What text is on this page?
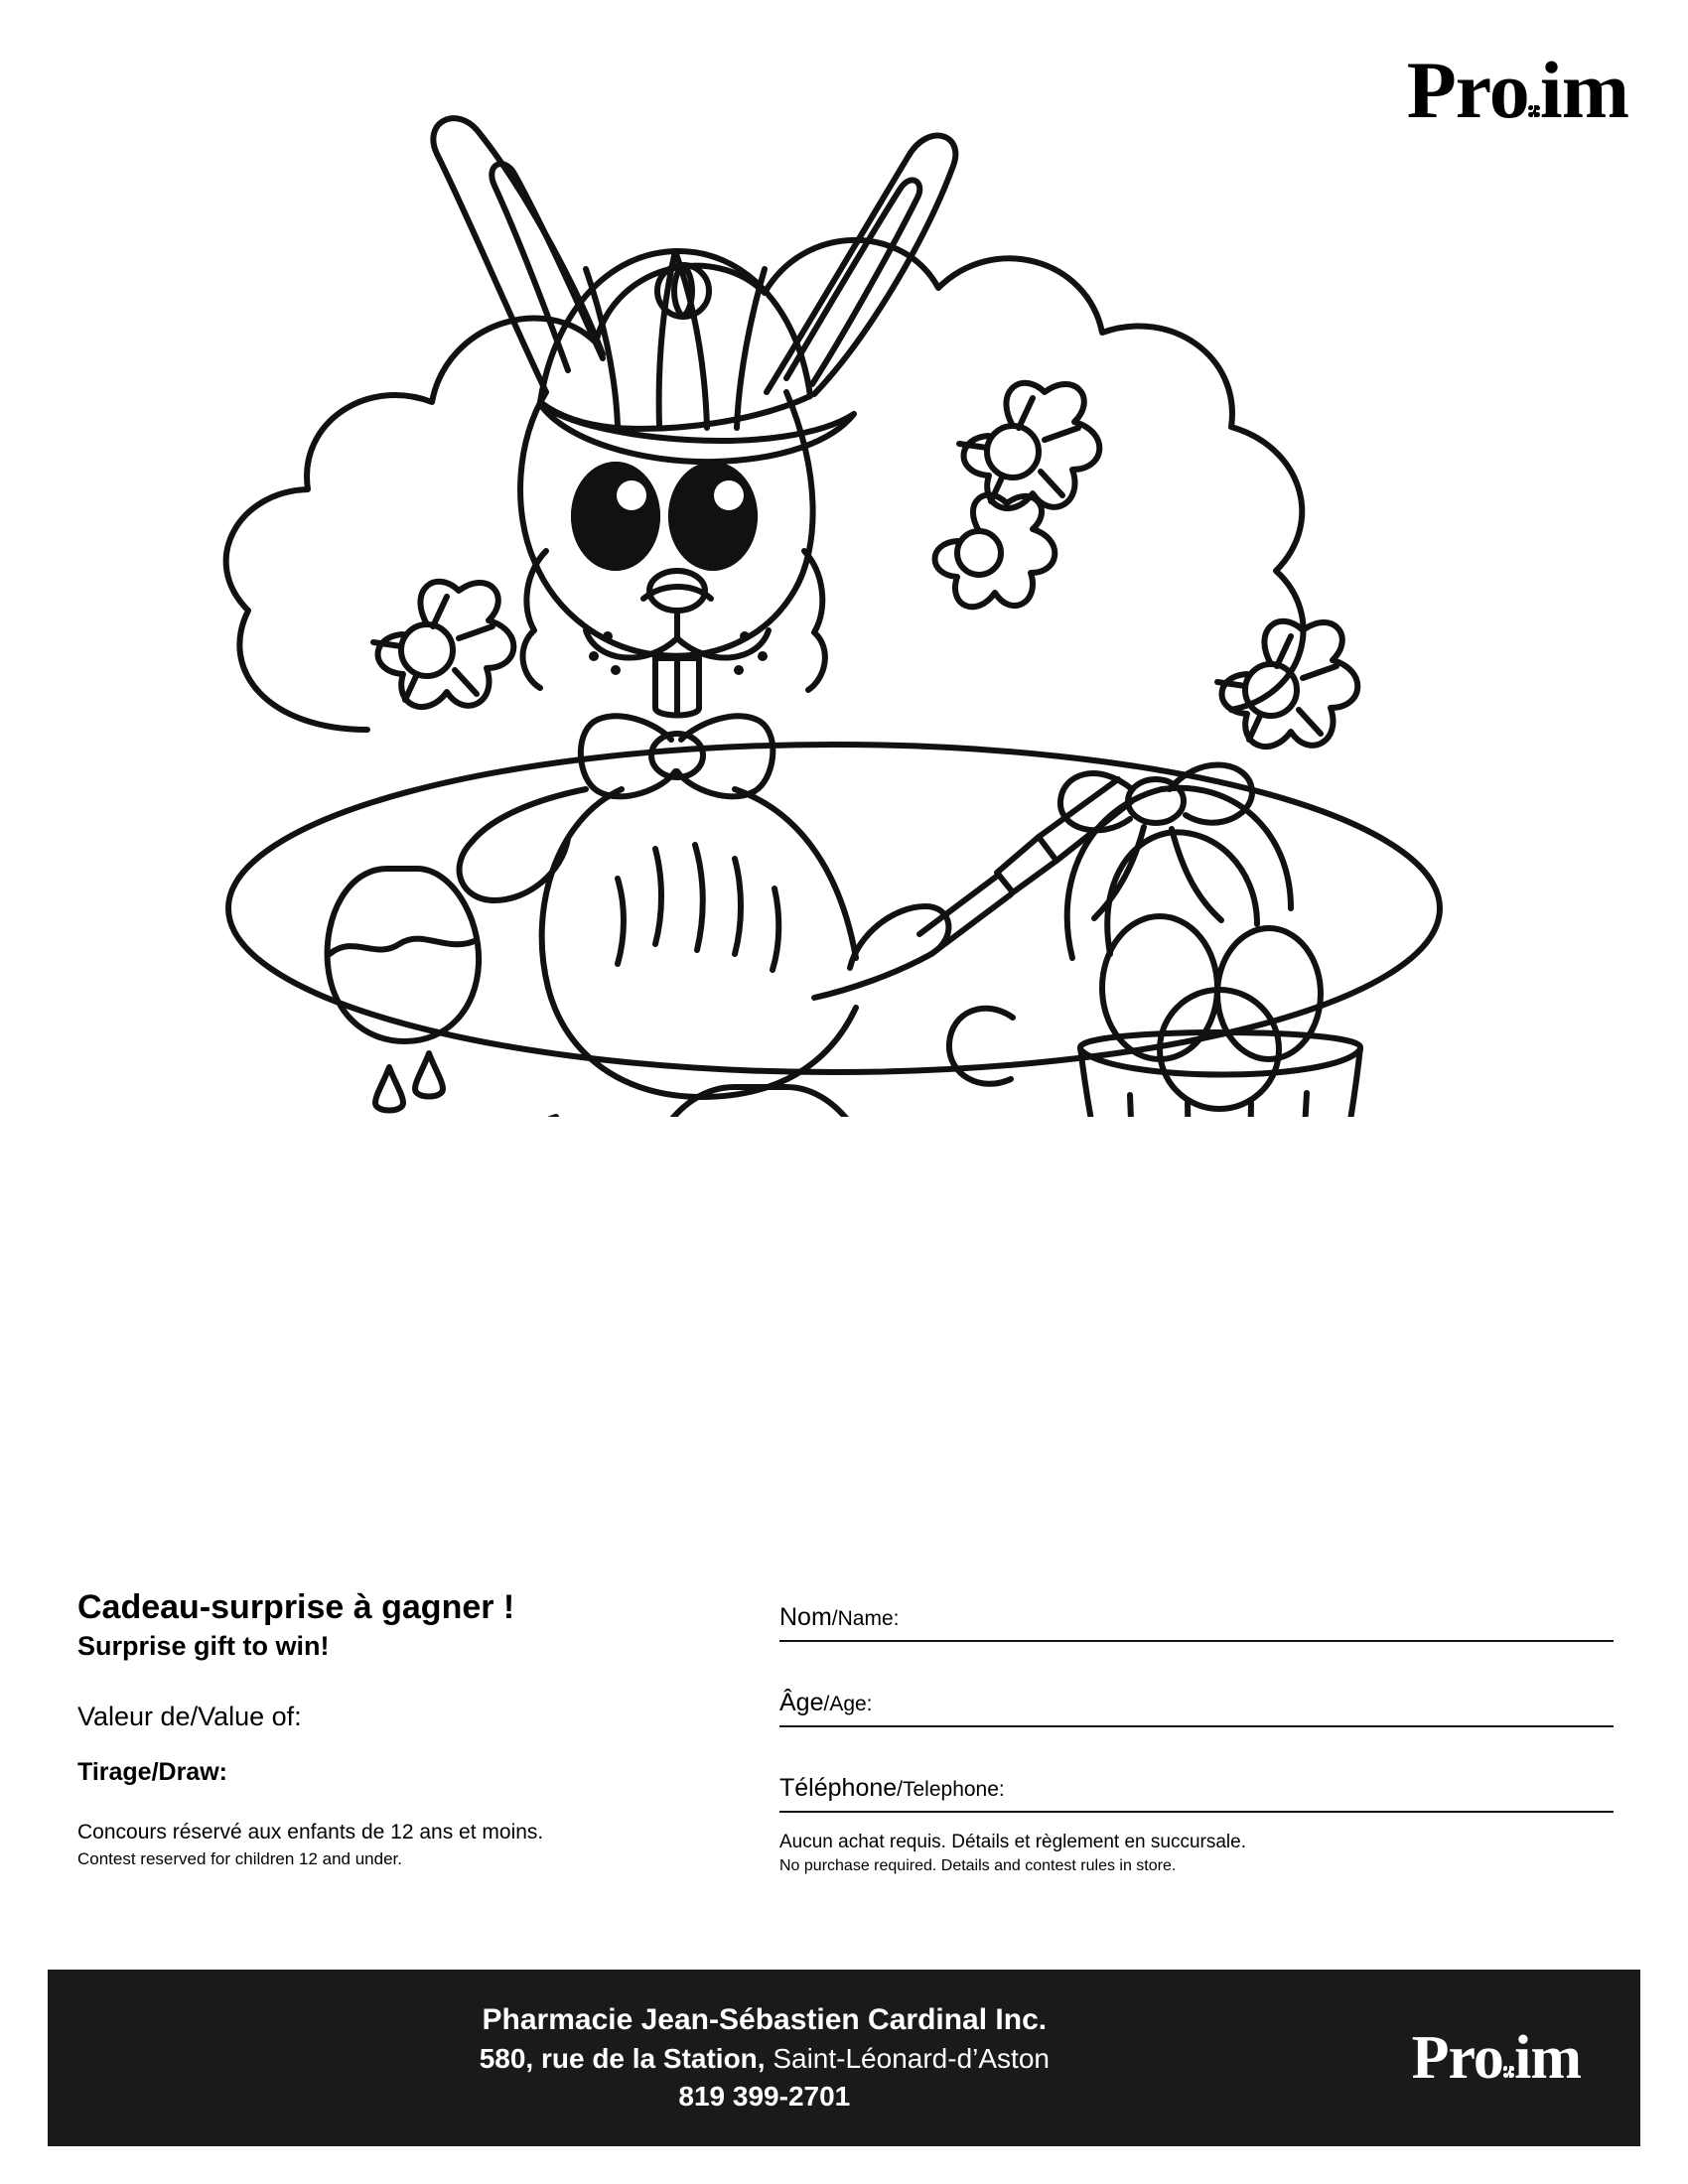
Pro im

Cadeau-surprise à gagner !

Surprise gift to win!

Valeur de/Value of:

Tirage/Draw:

Concours réservé aux enfants de 12 ans et moins.

Contest reserved for children 12 and under.

Nom/Name:
Âge/Age:
Téléphone/Telephone:

Aucun achat requis. Détails et règlement en succursale.

No purchase required. Details and contest rules in store.

Pharmacie Jean-Sébastien Cardinal Inc.

580, rue de la Station, Saint-Léonard-d’Aston

819 399-2701

Pro im
